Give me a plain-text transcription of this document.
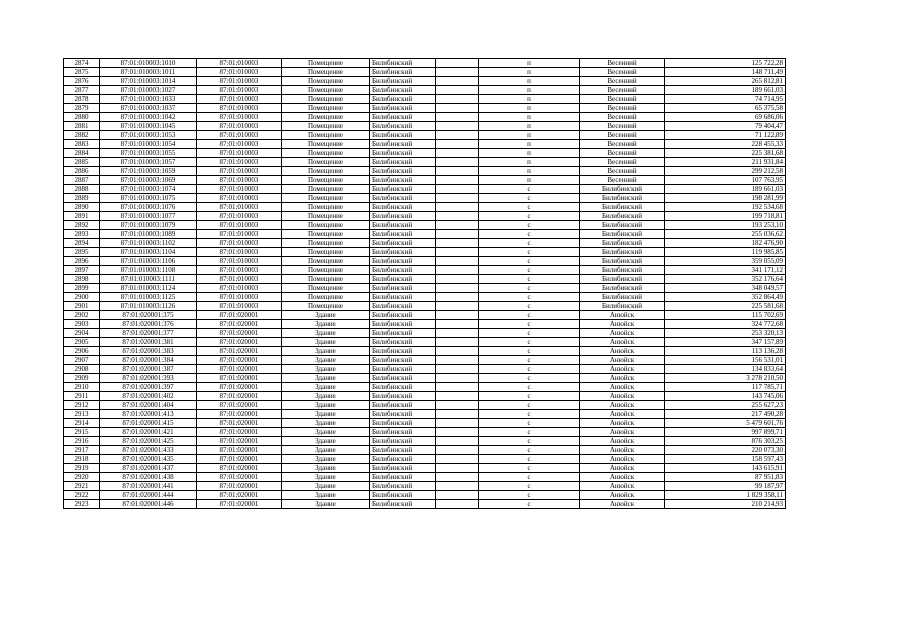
2874	87:01:010003:1010	87:01:010003	Помещение	Билибинский		п	Весенний	125 722,28
2875	87:01:010003:1011	87:01:010003	Помещение	Билибинский		п	Весенний	148 711,49
2876	87:01:010003:1014	87:01:010003	Помещение	Билибинский		п	Весенний	265 812,81
2877	87:01:010003:1027	87:01:010003	Помещение	Билибинский		п	Весенний	189 661,03
2878	87:01:010003:1033	87:01:010003	Помещение	Билибинский		п	Весенний	74 714,95
2879	87:01:010003:1037	87:01:010003	Помещение	Билибинский		п	Весенний	65 375,58
2880	87:01:010003:1042	87:01:010003	Помещение	Билибинский		п	Весенний	69 686,06
2881	87:01:010003:1045	87:01:010003	Помещение	Билибинский		п	Весенний	79 404,47
2882	87:01:010003:1053	87:01:010003	Помещение	Билибинский		п	Весенний	71 122,89
2883	87:01:010003:1054	87:01:010003	Помещение	Билибинский		п	Весенний	228 455,33
2884	87:01:010003:1055	87:01:010003	Помещение	Билибинский		п	Весенний	225 381,68
2885	87:01:010003:1057	87:01:010003	Помещение	Билибинский		п	Весенний	211 931,84
2886	87:01:010003:1059	87:01:010003	Помещение	Билибинский		п	Весенний	299 212,58
2887	87:01:010003:1069	87:01:010003	Помещение	Билибинский		п	Весенний	107 763,95
2888	87:01:010003:1074	87:01:010003	Помещение	Билибинский		с	Билибинский	189 661,03
2889	87:01:010003:1075	87:01:010003	Помещение	Билибинский		с	Билибинский	198 281,99
2890	87:01:010003:1076	87:01:010003	Помещение	Билибинский		с	Билибинский	192 534,68
2891	87:01:010003:1077	87:01:010003	Помещение	Билибинский		с	Билибинский	199 718,81
2892	87:01:010003:1079	87:01:010003	Помещение	Билибинский		с	Билибинский	193 253,10
2893	87:01:010003:1089	87:01:010003	Помещение	Билибинский		с	Билибинский	255 036,62
2894	87:01:010003:1102	87:01:010003	Помещение	Билибинский		с	Билибинский	182 476,90
2895	87:01:010003:1104	87:01:010003	Помещение	Билибинский		с	Билибинский	119 985,85
2896	87:01:010003:1106	87:01:010003	Помещение	Билибинский		с	Билибинский	359 055,09
2897	87:01:010003:1108	87:01:010003	Помещение	Билибинский		с	Билибинский	341 171,12
2898	87:01:010003:1111	87:01:010003	Помещение	Билибинский		с	Билибинский	352 176,64
2899	87:01:010003:1124	87:01:010003	Помещение	Билибинский		с	Билибинский	348 049,57
2900	87:01:010003:1125	87:01:010003	Помещение	Билибинский		с	Билибинский	352 864,49
2901	87:01:010003:1126	87:01:010003	Помещение	Билибинский		с	Билибинский	225 581,68
2902	87:01:020001:375	87:01:020001	Здание	Билибинский		с	Анюйск	115 702,69
2903	87:01:020001:376	87:01:020001	Здание	Билибинский		с	Анюйск	324 772,68
2904	87:01:020001:377	87:01:020001	Здание	Билибинский		с	Анюйск	253 320,13
2905	87:01:020001:381	87:01:020001	Здание	Билибинский		с	Анюйск	347 157,89
2906	87:01:020001:383	87:01:020001	Здание	Билибинский		с	Анюйск	113 136,28
2907	87:01:020001:384	87:01:020001	Здание	Билибинский		с	Анюйск	156 531,01
2908	87:01:020001:387	87:01:020001	Здание	Билибинский		с	Анюйск	134 833,64
2909	87:01:020001:393	87:01:020001	Здание	Билибинский		с	Анюйск	3 278 210,50
2910	87:01:020001:397	87:01:020001	Здание	Билибинский		с	Анюйск	117 785,71
2911	87:01:020001:402	87:01:020001	Здание	Билибинский		с	Анюйск	143 745,06
2912	87:01:020001:404	87:01:020001	Здание	Билибинский		с	Анюйск	255 627,23
2913	87:01:020001:413	87:01:020001	Здание	Билибинский		с	Анюйск	217 490,28
2914	87:01:020001:415	87:01:020001	Здание	Билибинский		с	Анюйск	5 479 601,76
2915	87:01:020001:421	87:01:020001	Здание	Билибинский		с	Анюйск	997 899,71
2916	87:01:020001:425	87:01:020001	Здание	Билибинский		с	Анюйск	876 303,25
2917	87:01:020001:433	87:01:020001	Здание	Билибинский		с	Анюйск	220 073,30
2918	87:01:020001:435	87:01:020001	Здание	Билибинский		с	Анюйск	158 597,43
2919	87:01:020001:437	87:01:020001	Здание	Билибинский		с	Анюйск	143 615,91
2920	87:01:020001:438	87:01:020001	Здание	Билибинский		с	Анюйск	87 951,83
2921	87:01:020001:441	87:01:020001	Здание	Билибинский		с	Анюйск	99 187,97
2922	87:01:020001:444	87:01:020001	Здание	Билибинский		с	Анюйск	1 829 358,11
2923	87:01:020001:446	87:01:020001	Здание	Билибинский		с	Анюйск	210 214,93
